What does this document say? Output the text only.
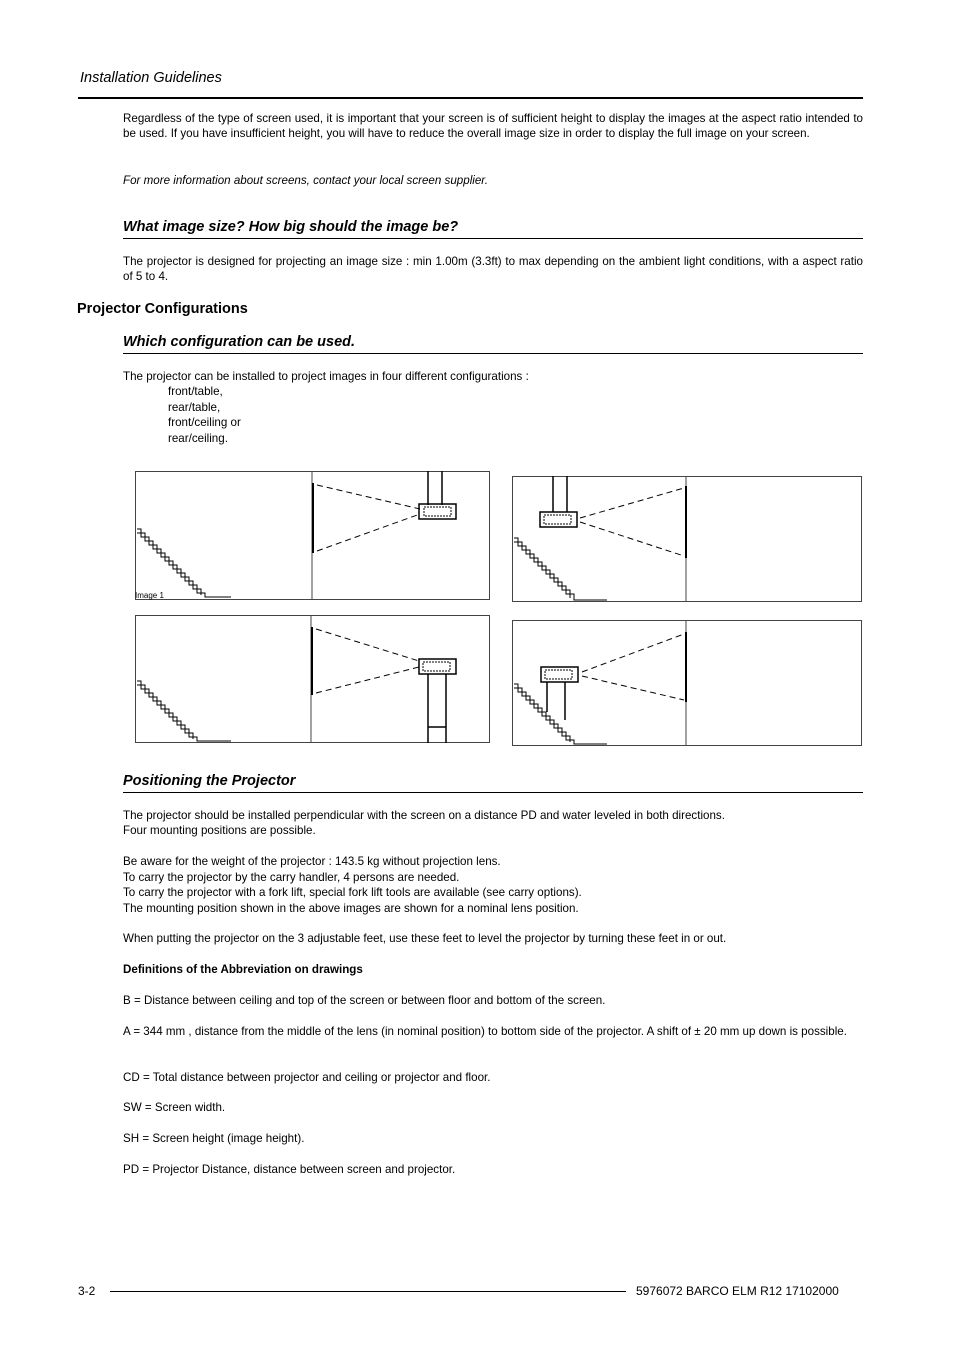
Installation Guidelines
Regardless of the type of screen used, it is important that your screen is of sufficient height to display the images at the aspect ratio intended to be used. If you have insufficient height, you will have to reduce the overall image size in order to display the full image on your screen.
For more information about screens, contact your local screen supplier.
What image size? How big should the image be?
The projector is designed for projecting an image size : min 1.00m (3.3ft) to max depending on the ambient light conditions, with a aspect ratio of 5 to 4.
Projector Configurations
Which configuration can be used.
The projector can be installed to project images in four different configurations :
front/table,
rear/table,
front/ceiling or
rear/ceiling.
Image 1
Positioning the Projector
The projector should be installed perpendicular with the screen on a distance PD and water leveled in both directions.
Four mounting positions are possible.
Be aware for the weight of the projector : 143.5 kg without projection lens.
To carry the projector by the carry handler, 4 persons are needed.
To carry the projector with a fork lift, special fork lift tools are available (see carry options).
The mounting position shown in the above images are shown for a nominal lens position.
When putting the projector on the 3 adjustable feet, use these feet to level the projector by turning these feet in or out.
Definitions of the Abbreviation on drawings
B = Distance between ceiling and top of the screen or between floor and bottom of the screen.
A = 344 mm , distance from the middle of the lens (in nominal position) to bottom side of the projector. A shift of ± 20 mm up down is possible.
CD = Total distance between projector and ceiling or projector and floor.
SW = Screen width.
SH = Screen height (image height).
PD = Projector Distance, distance between screen and projector.
3-2	5976072 BARCO ELM R12 17102000
